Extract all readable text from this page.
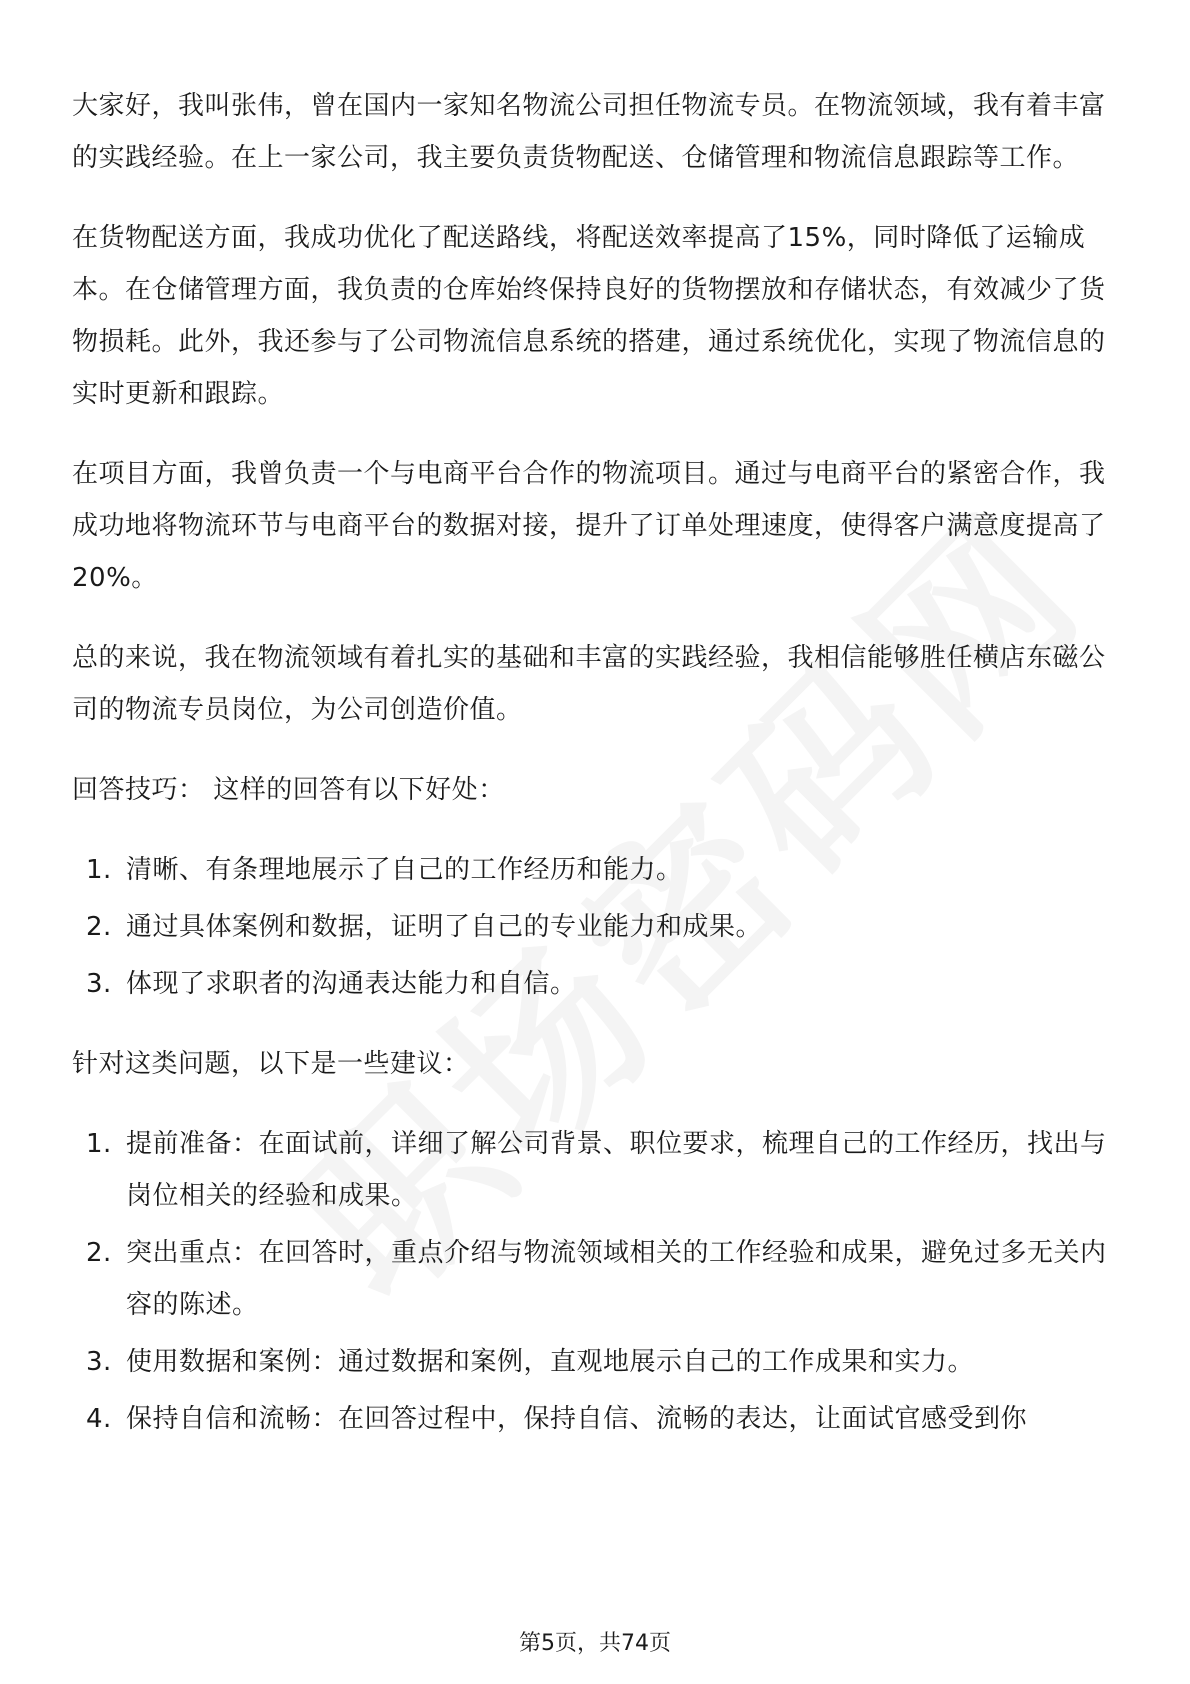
大家好，我叫张伟，曾在国内一家知名物流公司担任物流专员。在物流领域，我有着丰富的实践经验。在上一家公司，我主要负责货物配送、仓储管理和物流信息跟踪等工作。

在货物配送方面，我成功优化了配送路线，将配送效率提高了15%，同时降低了运输成本。在仓储管理方面，我负责的仓库始终保持良好的货物摆放和存储状态，有效减少了货物损耗。此外，我还参与了公司物流信息系统的搭建，通过系统优化，实现了物流信息的实时更新和跟踪。

在项目方面，我曾负责一个与电商平台合作的物流项目。通过与电商平台的紧密合作，我成功地将物流环节与电商平台的数据对接，提升了订单处理速度，使得客户满意度提高了20%。

总的来说，我在物流领域有着扎实的基础和丰富的实践经验，我相信能够胜任横店东磁公司的物流专员岗位，为公司创造价值。

回答技巧： 这样的回答有以下好处：

1. 清晰、有条理地展示了自己的工作经历和能力。
2. 通过具体案例和数据，证明了自己的专业能力和成果。
3. 体现了求职者的沟通表达能力和自信。

针对这类问题，以下是一些建议：

1. 提前准备：在面试前，详细了解公司背景、职位要求，梳理自己的工作经历，找出与岗位相关的经验和成果。
2. 突出重点：在回答时，重点介绍与物流领域相关的工作经验和成果，避免过多无关内容的陈述。
3. 使用数据和案例：通过数据和案例，直观地展示自己的工作成果和实力。
4. 保持自信和流畅：在回答过程中，保持自信、流畅的表达，让面试官感受到你
第5页，共74页
